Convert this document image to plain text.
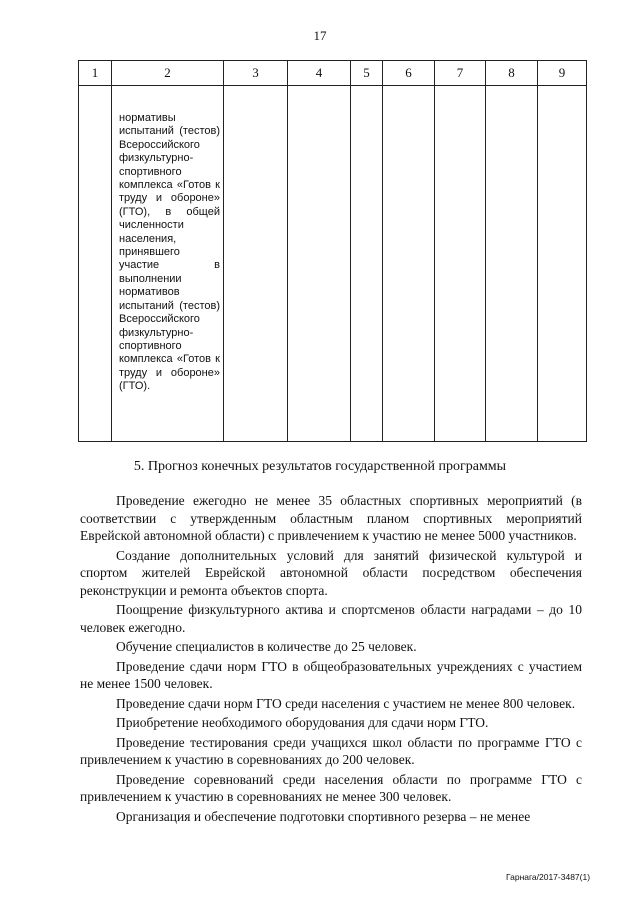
17
1	2	3	4	5	6	7	8	9

	нормативы испытаний (тестов) Всероссийского физкультурно-спортивного комплекса «Готов к труду и обороне» (ГТО), в общей численности населения, принявшего участие в выполнении нормативов испытаний (тестов) Всероссийского физкультурно-спортивного комплекса «Готов к труду и обороне» (ГТО).							

5. Прогноз конечных результатов государственной программы

Проведение ежегодно не менее 35 областных спортивных мероприятий (в соответствии с утвержденным областным планом спортивных мероприятий Еврейской автономной области) с привлечением к участию не менее 5000 участников.

Создание дополнительных условий для занятий физической культурой и спортом жителей Еврейской автономной области посредством обеспечения реконструкции и ремонта объектов спорта.

Поощрение физкультурного актива и спортсменов области наградами – до 10 человек ежегодно.

Обучение специалистов в количестве до 25 человек.

Проведение сдачи норм ГТО в общеобразовательных учреждениях с участием не менее 1500 человек.

Проведение сдачи норм ГТО среди населения с участием не менее 800 человек.

Приобретение необходимого оборудования для сдачи норм ГТО.

Проведение тестирования среди учащихся школ области по программе ГТО с привлечением к участию в соревнованиях до 200 человек.

Проведение соревнований среди населения области по программе ГТО с привлечением к участию в соревнованиях не менее 300 человек.

Организация и обеспечение подготовки спортивного резерва – не менее

Гарнага/2017-3487(1)
